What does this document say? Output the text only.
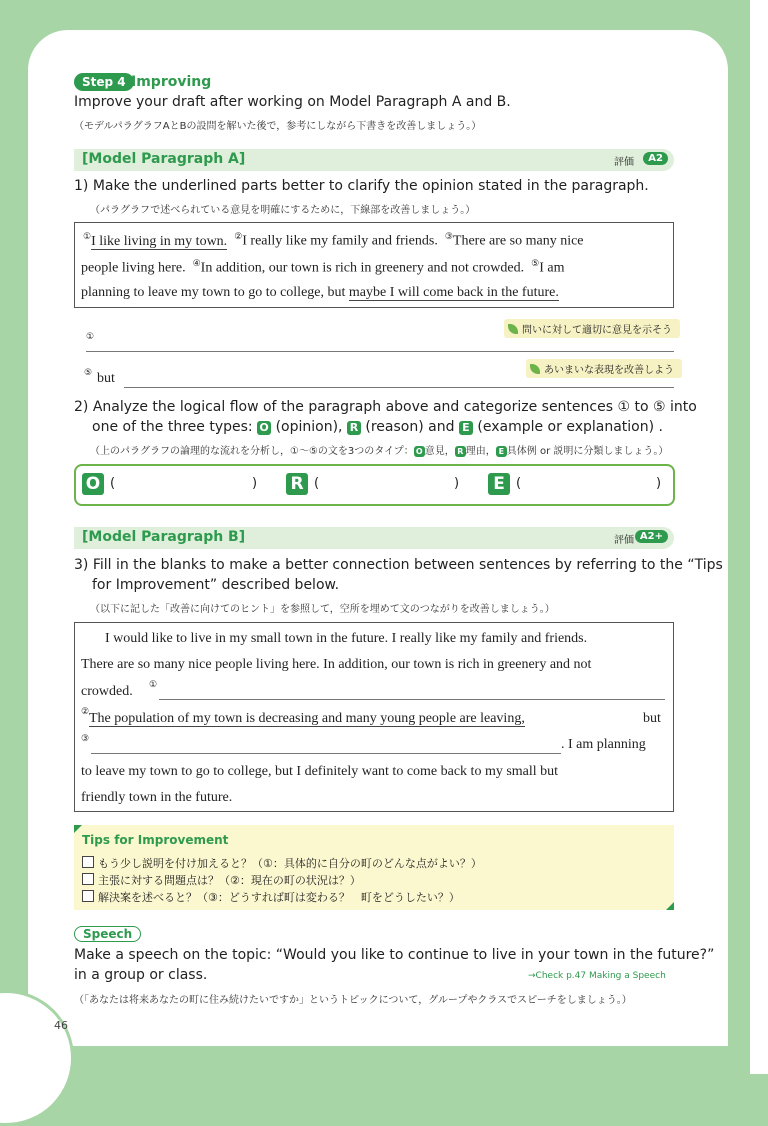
46
Step 4 Improving
Improve your draft after working on Model Paragraph A and B.
（モデルパラグラフAとBの設問を解いた後で，参考にしながら下書きを改善しましょう。）
[Model Paragraph A]	評価	A2
1) Make the underlined parts better to clarify the opinion stated in the paragraph.
（パラグラフで述べられている意見を明確にするために，下線部を改善しましょう。）
①I like living in my town. ②I really like my family and friends. ③There are so many nice
people living here. ④In addition, our town is rich in greenery and not crowded. ⑤I am
planning to leave my town to go to college, but maybe I will come back in the future.
問いに対して適切に意見を示そう
①
あいまいな表現を改善しよう
⑤ but
2) Analyze the logical flow of the paragraph above and categorize sentences ① to ⑤ into
one of the three types: O (opinion), R (reason) and E (example or explanation) .
（上のパラグラフの論理的な流れを分析し，①〜⑤の文を3つのタイプ： O 意見， R 理由， E 具体例 or 説明に分類しましょう。）
O (	) R (	)	E (	)
[Model Paragraph B]	評価 A2+
3) Fill in the blanks to make a better connection between sentences by referring to the “Tips
for Improvement” described below.
（以下に記した「改善に向けてのヒント」を参照して，空所を埋めて文のつながりを改善しましょう。）
I would like to live in my small town in the future. I really like my family and friends.
There are so many nice people living here. In addition, our town is rich in greenery and not
crowded. ①
② The population of my town is decreasing and many young people are leaving,	but
③	. I am planning
to leave my town to go to college, but I definitely want to come back to my small but
friendly town in the future.
Tips for Improvement
もう少し説明を付け加えると？（①：具体的に自分の町のどんな点がよい？）
主張に対する問題点は？（②：現在の町の状況は？）
解決案を述べると？（③：どうすれば町は変わる？　町をどうしたい？）
Speech
Make a speech on the topic: “Would you like to continue to live in your town in the future?”
in a group or class.	→Check p.47 Making a Speech
（「あなたは将来あなたの町に住み続けたいですか」というトピックについて，グループやクラスでスピーチをしましょう。）
